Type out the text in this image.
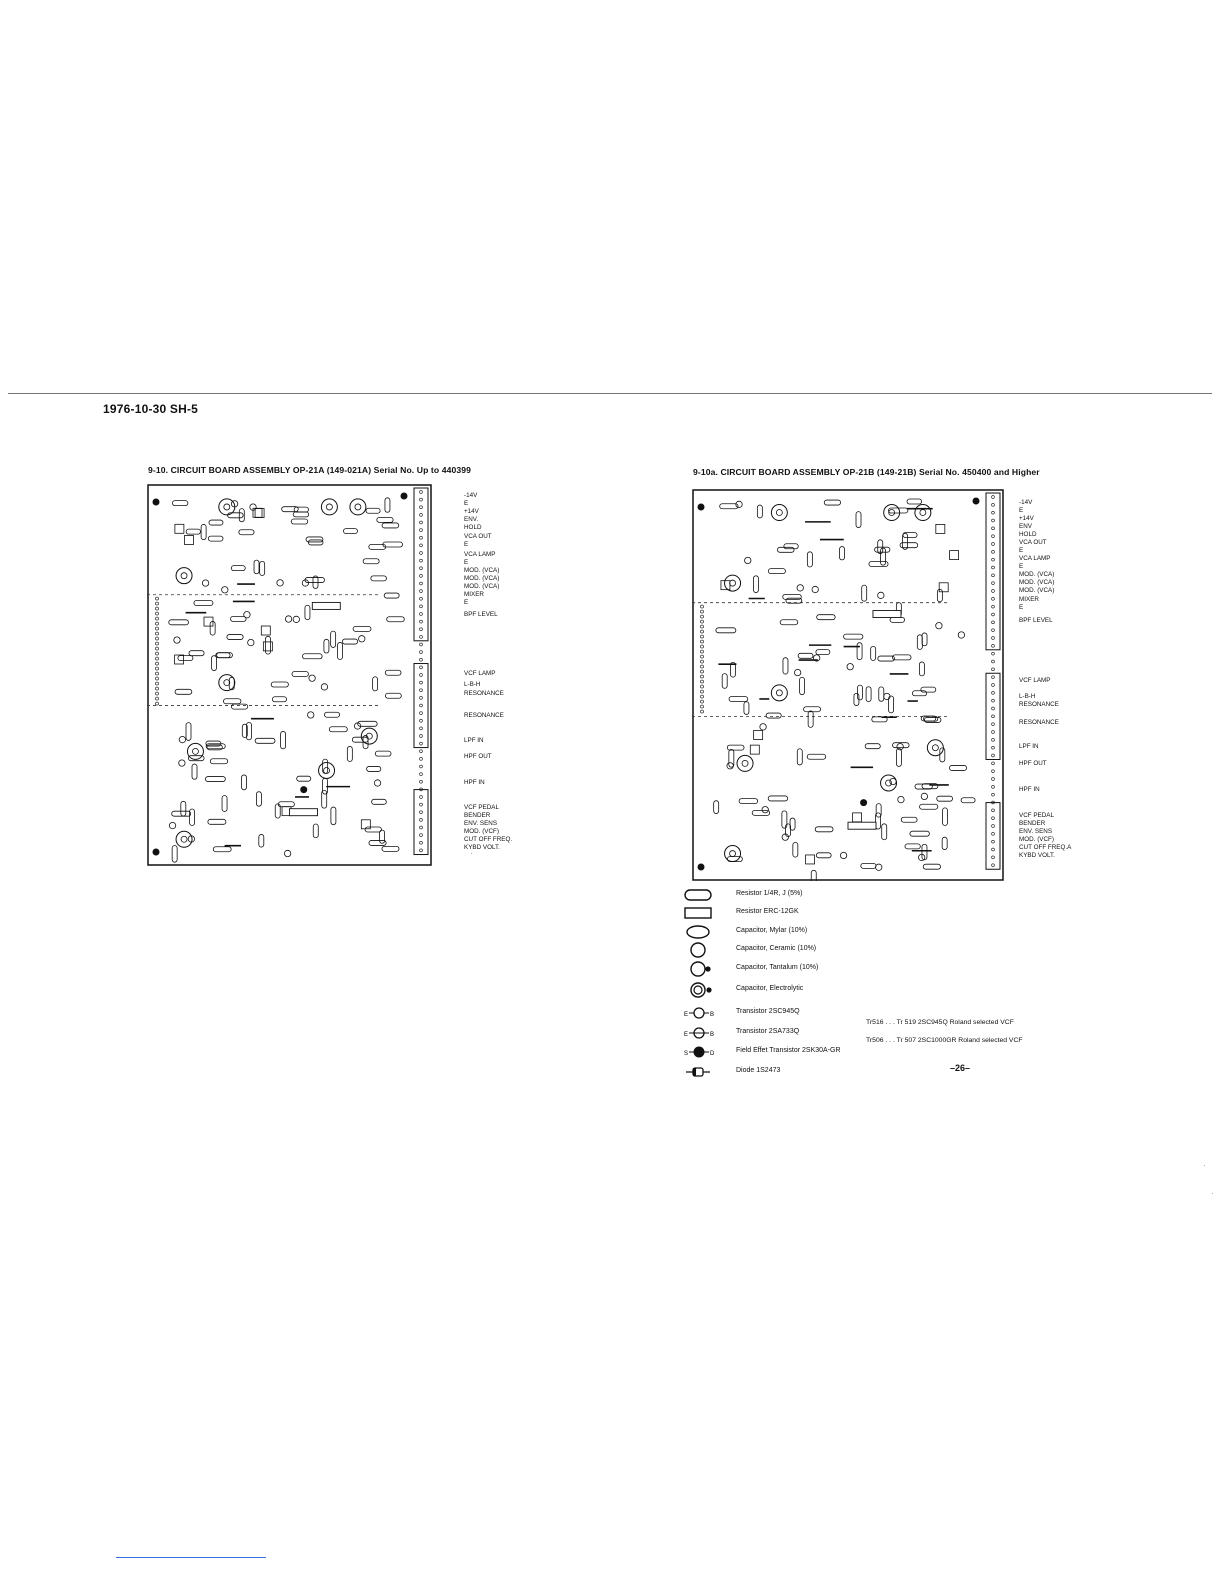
1976-10-30 SH-5
9-10. CIRCUIT BOARD ASSEMBLY OP-21A (149-021A) Serial No. Up to 440399
-14V
E
+14V
ENV.
HOLD
VCA OUT
E
VCA LAMP
E
MOD. (VCA)
MOD. (VCA)
MOD. (VCA)
MIXER
E
BPF LEVEL
VCF LAMP
L-B-H
RESONANCE
RESONANCE
LPF IN
HPF OUT
HPF IN
VCF PEDAL
BENDER
ENV. SENS
MOD. (VCF)
CUT OFF FREQ.
KYBD VOLT.
9-10a. CIRCUIT BOARD ASSEMBLY OP-21B (149-21B) Serial No. 450400 and Higher
-14V
E
+14V
ENV
HOLD
VCA OUT
E
VCA LAMP
E
MOD. (VCA)
MOD. (VCA)
MOD. (VCA)
MIXER
E
BPF LEVEL
VCF LAMP
L-B-H
RESONANCE
RESONANCE
LPF IN
HPF OUT
HPF IN
VCF PEDAL
BENDER
ENV. SENS
MOD. (VCF)
CUT OFF FREQ.A
KYBD VOLT.
Resistor 1/4R, J (5%)
Resistor ERC-12GK
Capacitor, Mylar (10%)
Capacitor, Ceramic (10%)
Capacitor, Tantalum (10%)
Capacitor, Electrolytic
E	B	Transistor 2SC945Q
E	B	Transistor 2SA733Q
S	D	Field Effet Transistor 2SK30A-GR
Diode 1S2473
Tr516 . . . Tr 519 2SC945Q Roland selected VCF
Tr506 . . . Tr 507 2SC1000GR Roland selected VCF
–26–
